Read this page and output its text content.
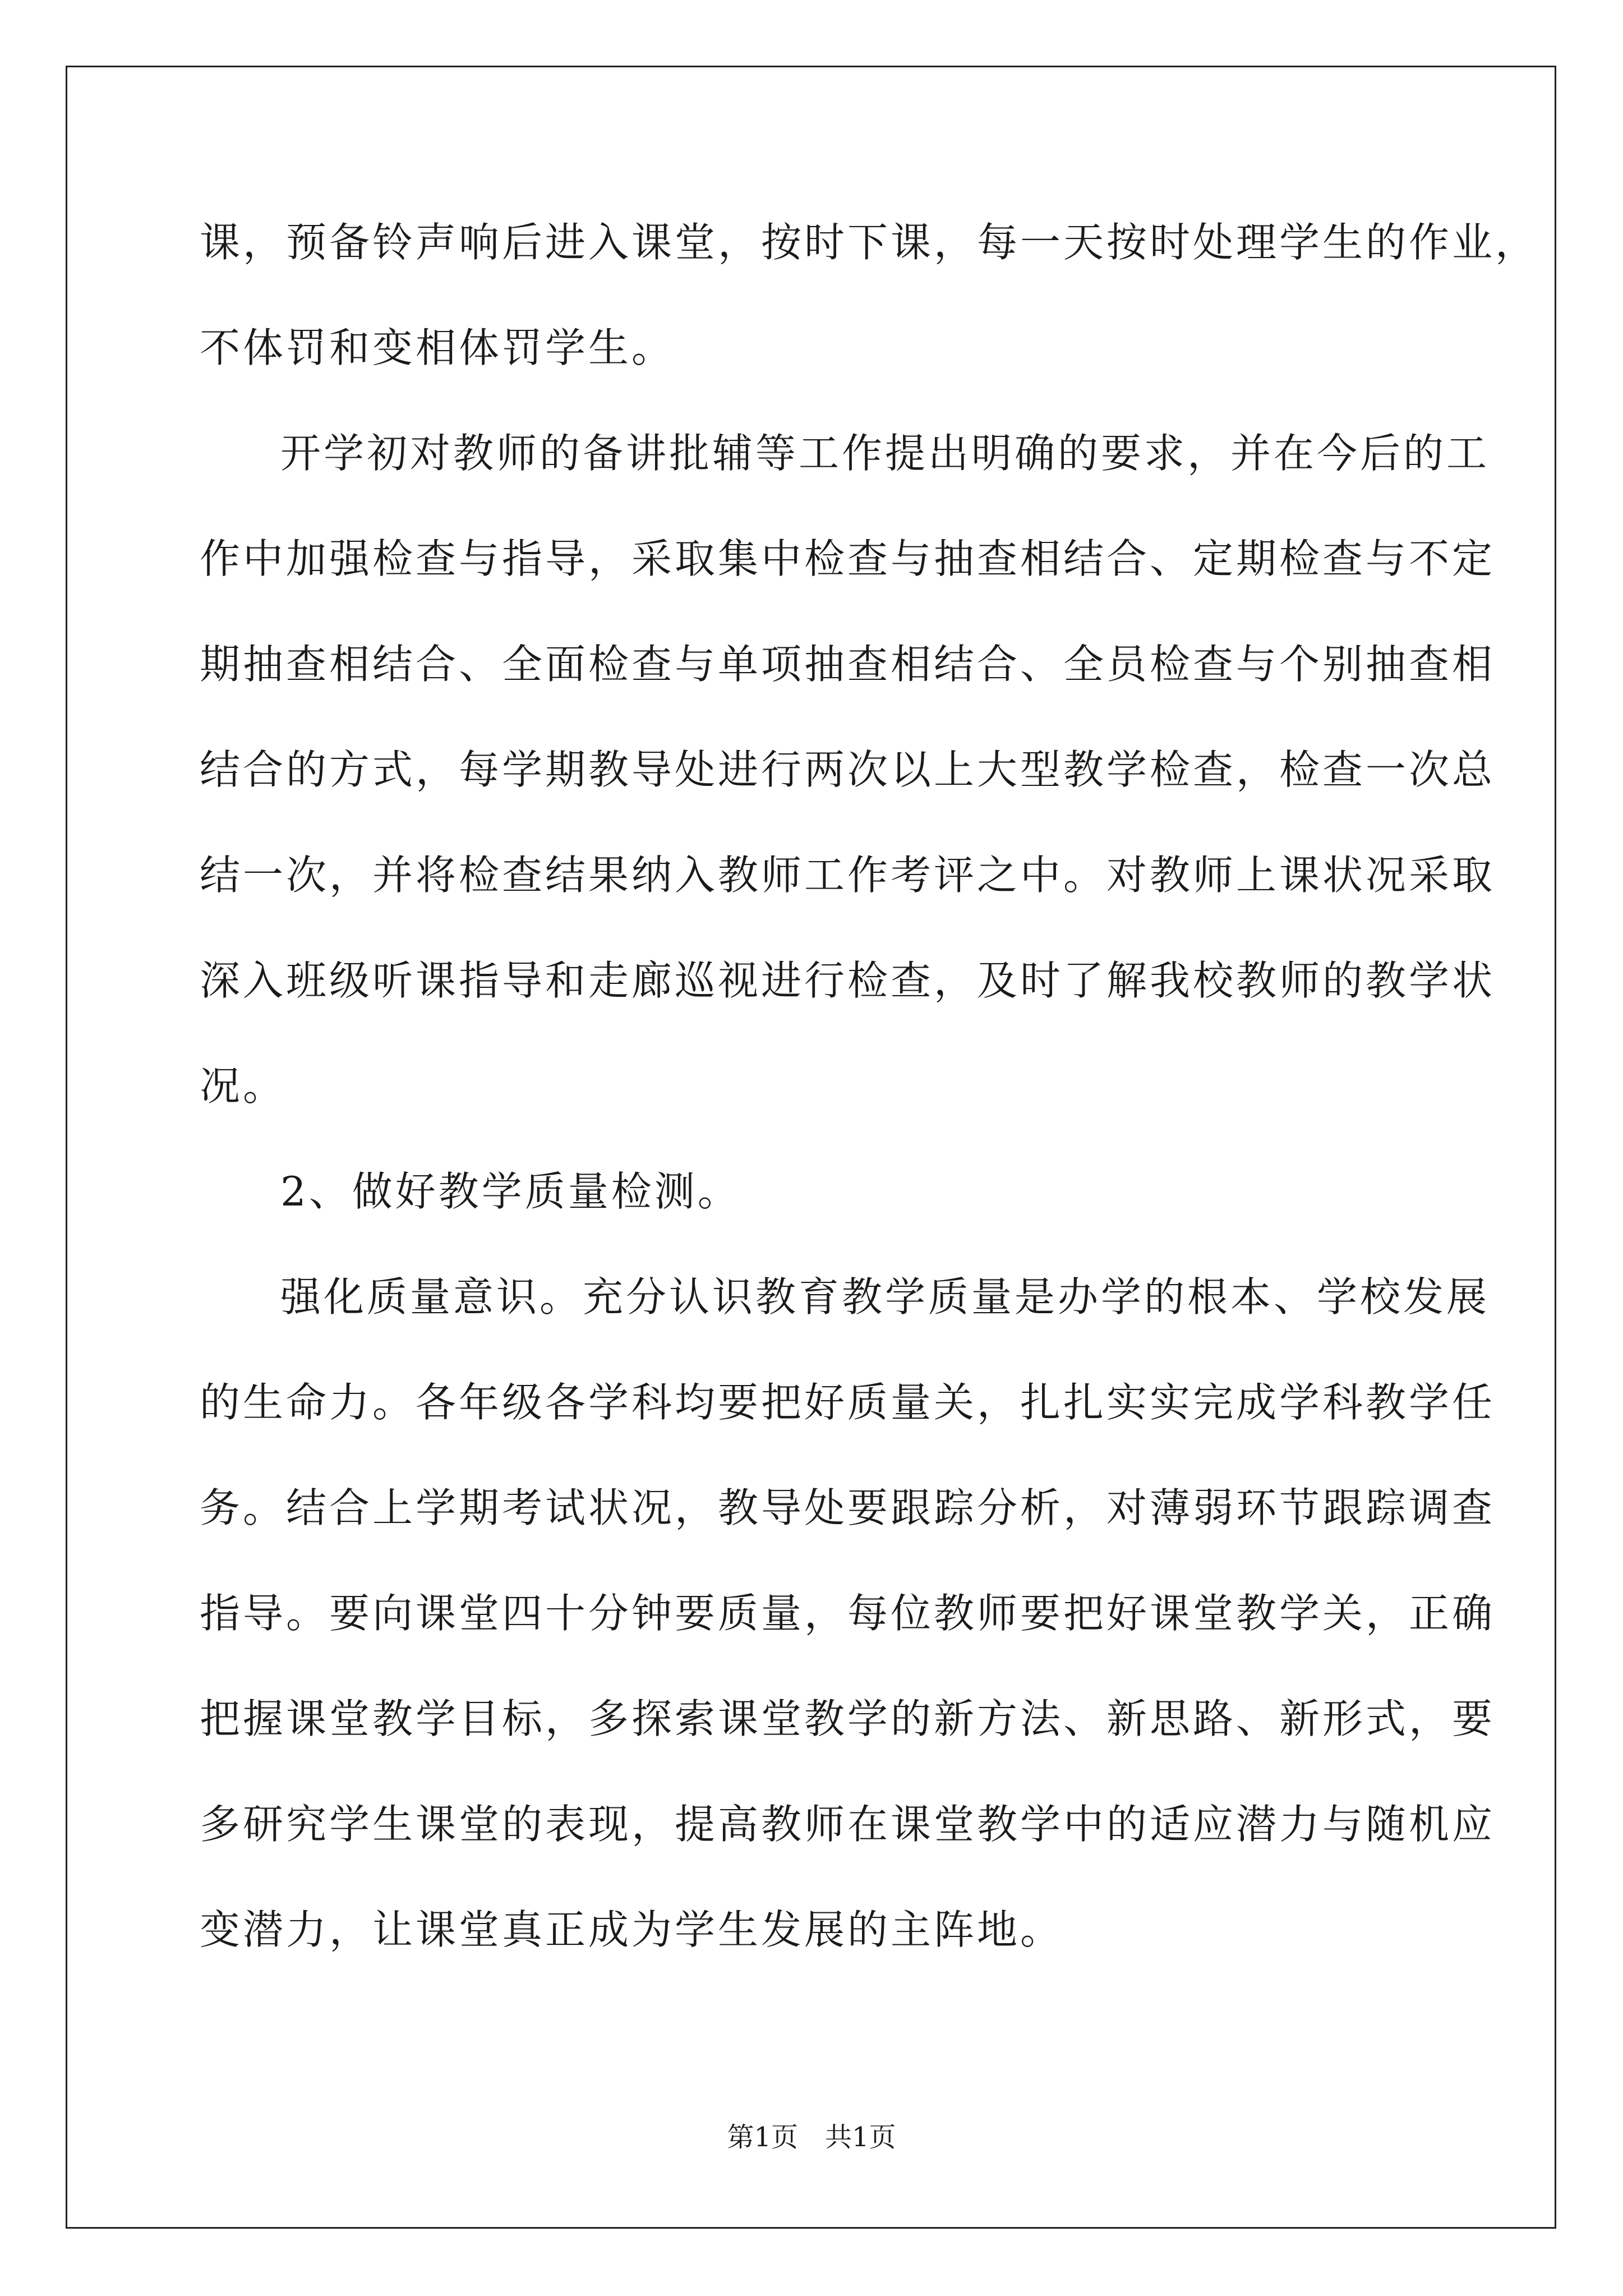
课，预备铃声响后进入课堂，按时下课，每一天按时处理学生的作业，
不体罚和变相体罚学生。
开学初对教师的备讲批辅等工作提出明确的要求，并在今后的工
作中加强检查与指导，采取集中检查与抽查相结合、定期检查与不定
期抽查相结合、全面检查与单项抽查相结合、全员检查与个别抽查相
结合的方式，每学期教导处进行两次以上大型教学检查，检查一次总
结一次，并将检查结果纳入教师工作考评之中。对教师上课状况采取
深入班级听课指导和走廊巡视进行检查，及时了解我校教师的教学状
况。
2、做好教学质量检测。
强化质量意识。充分认识教育教学质量是办学的根本、学校发展
的生命力。各年级各学科均要把好质量关，扎扎实实完成学科教学任
务。结合上学期考试状况，教导处要跟踪分析，对薄弱环节跟踪调查
指导。要向课堂四十分钟要质量，每位教师要把好课堂教学关，正确
把握课堂教学目标，多探索课堂教学的新方法、新思路、新形式，要
多研究学生课堂的表现，提高教师在课堂教学中的适应潜力与随机应
变潜力，让课堂真正成为学生发展的主阵地。
第1页　共1页
